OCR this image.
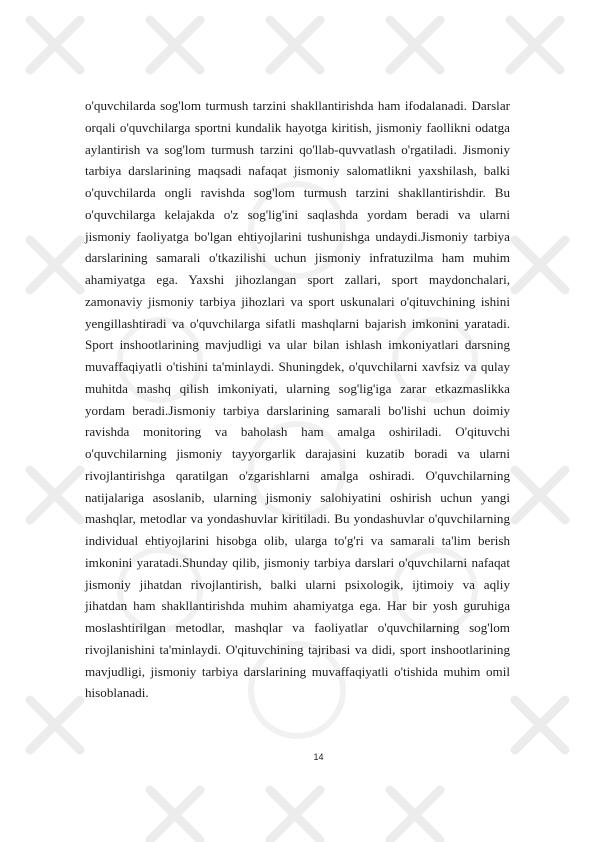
o'quvchilarda sog'lom turmush tarzini shakllantirishda ham ifodalanadi. Darslar orqali o'quvchilarga sportni kundalik hayotga kiritish, jismoniy faollikni odatga aylantirish va sog'lom turmush tarzini qo'llab-quvvatlash o'rgatiladi. Jismoniy tarbiya darslarining maqsadi nafaqat jismoniy salomatlikni yaxshilash, balki o'quvchilarda ongli ravishda sog'lom turmush tarzini shakllantirishdir. Bu o'quvchilarga kelajakda o'z sog'lig'ini saqlashda yordam beradi va ularni jismoniy faoliyatga bo'lgan ehtiyojlarini tushunishga undaydi.Jismoniy tarbiya darslarining samarali o'tkazilishi uchun jismoniy infratuzilma ham muhim ahamiyatga ega. Yaxshi jihozlangan sport zallari, sport maydonchalari, zamonaviy jismoniy tarbiya jihozlari va sport uskunalari o'qituvchining ishini yengillashtiradi va o'quvchilarga sifatli mashqlarni bajarish imkonini yaratadi. Sport inshootlarining mavjudligi va ular bilan ishlash imkoniyatlari darsning muvaffaqiyatli o'tishini ta'minlaydi. Shuningdek, o'quvchilarni xavfsiz va qulay muhitda mashq qilish imkoniyati, ularning sog'lig'iga zarar etkazmaslikka yordam beradi.Jismoniy tarbiya darslarining samarali bo'lishi uchun doimiy ravishda monitoring va baholash ham amalga oshiriladi. O'qituvchi o'quvchilarning jismoniy tayyorgarlik darajasini kuzatib boradi va ularni rivojlantirishga qaratilgan o'zgarishlarni amalga oshiradi. O'quvchilarning natijalariga asoslanib, ularning jismoniy salohiyatini oshirish uchun yangi mashqlar, metodlar va yondashuvlar kiritiladi. Bu yondashuvlar o'quvchilarning individual ehtiyojlarini hisobga olib, ularga to'g'ri va samarali ta'lim berish imkonini yaratadi.Shunday qilib, jismoniy tarbiya darslari o'quvchilarni nafaqat jismoniy jihatdan rivojlantirish, balki ularni psixologik, ijtimoiy va aqliy jihatdan ham shakllantirishda muhim ahamiyatga ega. Har bir yosh guruhiga moslashtirilgan metodlar, mashqlar va faoliyatlar o'quvchilarning sog'lom rivojlanishini ta'minlaydi. O'qituvchining tajribasi va didi, sport inshootlarining mavjudligi, jismoniy tarbiya darslarining muvaffaqiyatli o'tishida muhim omil hisoblanadi.

14
